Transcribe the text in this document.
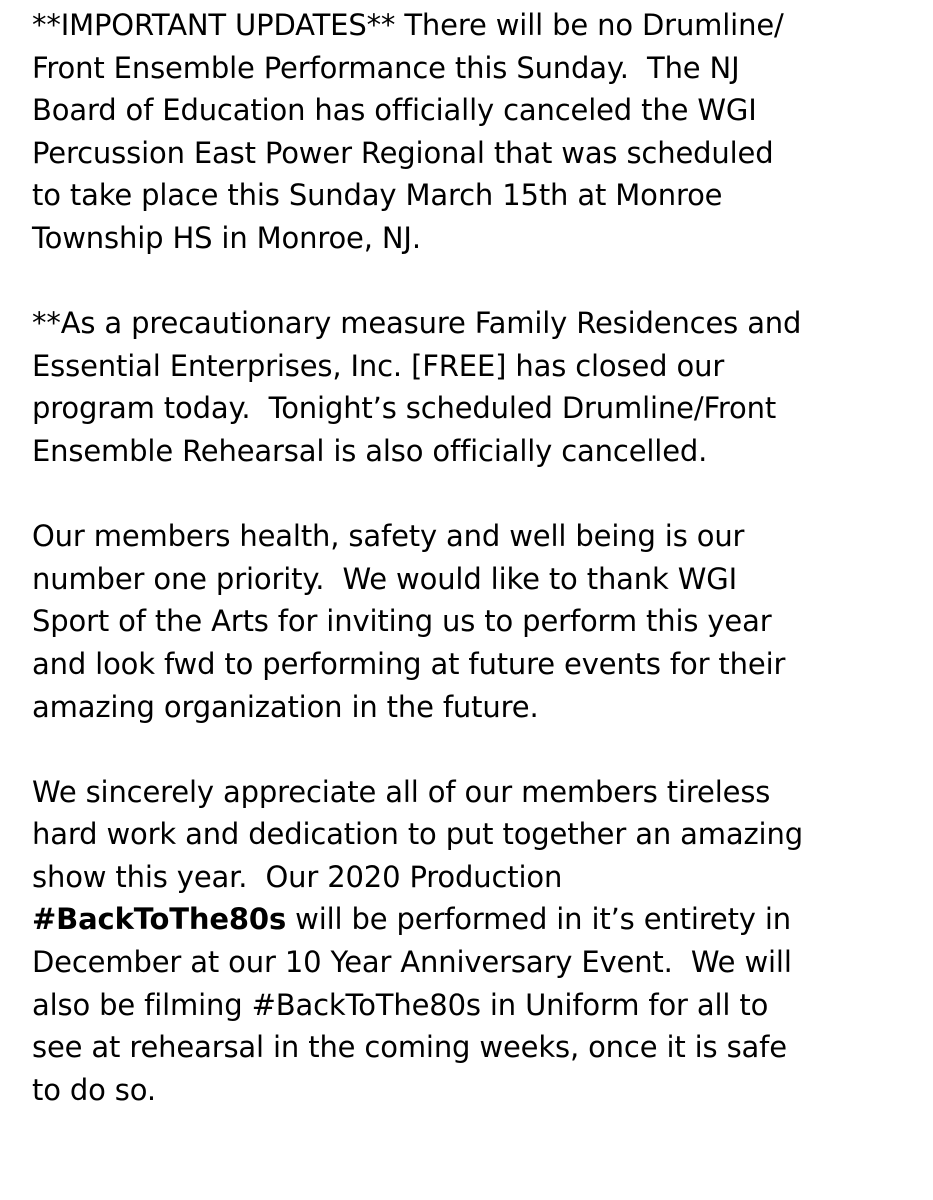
**IMPORTANT UPDATES** There will be no Drumline/
Front Ensemble Performance this Sunday.  The NJ
Board of Education has officially canceled the WGI
Percussion East Power Regional that was scheduled
to take place this Sunday March 15th at Monroe
Township HS in Monroe, NJ.
**As a precautionary measure Family Residences and
Essential Enterprises, Inc. [FREE] has closed our
program today.  Tonight’s scheduled Drumline/Front
Ensemble Rehearsal is also officially cancelled.
Our members health, safety and well being is our
number one priority.  We would like to thank WGI
Sport of the Arts for inviting us to perform this year
and look fwd to performing at future events for their
amazing organization in the future.
We sincerely appreciate all of our members tireless
hard work and dedication to put together an amazing
show this year.  Our 2020 Production
#BackToThe80s will be performed in it’s entirety in
December at our 10 Year Anniversary Event.  We will
also be filming #BackToThe80s in Uniform for all to
see at rehearsal in the coming weeks, once it is safe
to do so.
